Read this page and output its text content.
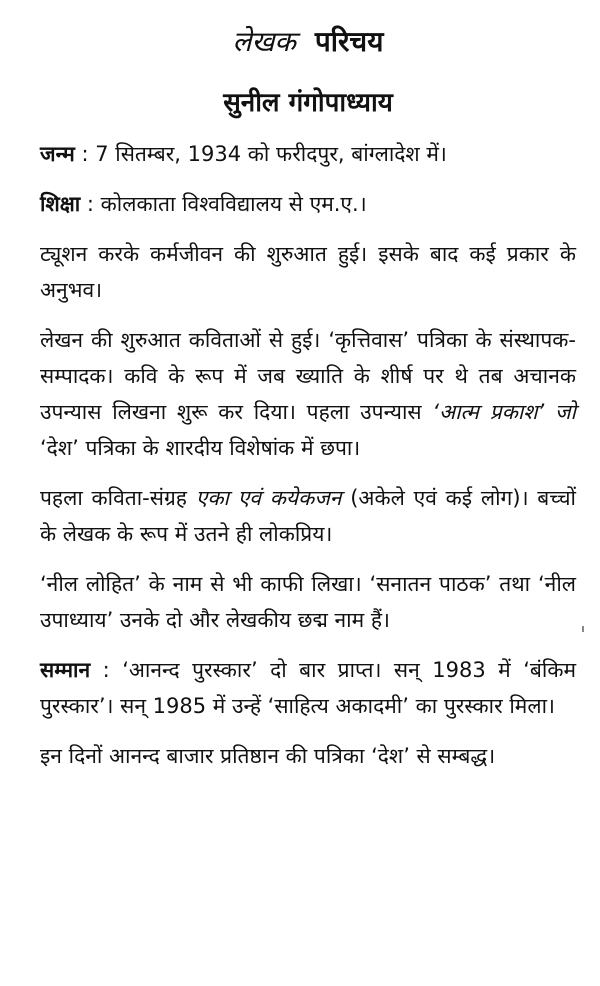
लेखक परिचय
सुनील गंगोपाध्याय

जन्म : 7 सितम्बर, 1934 को फरीदपुर, बांग्लादेश में।

शिक्षा : कोलकाता विश्वविद्यालय से एम.ए.।

ट्यूशन करके कर्मजीवन की शुरुआत हुई। इसके बाद कई प्रकार के अनुभव।

लेखन की शुरुआत कविताओं से हुई। ‘कृत्तिवास’ पत्रिका के संस्थापक-सम्पादक। कवि के रूप में जब ख्याति के शीर्ष पर थे तब अचानक उपन्यास लिखना शुरू कर दिया। पहला उपन्यास ‘आत्म प्रकाश’ जो ‘देश’ पत्रिका के शारदीय विशेषांक में छपा।

पहला कविता-संग्रह एका एवं कयेकजन (अकेले एवं कई लोग)। बच्चों के लेखक के रूप में उतने ही लोकप्रिय।

‘नील लोहित’ के नाम से भी काफी लिखा। ‘सनातन पाठक’ तथा ‘नील उपाध्याय’ उनके दो और लेखकीय छद्म नाम हैं।

सम्मान : ‘आनन्द पुरस्कार’ दो बार प्राप्त। सन् 1983 में ‘बंकिम पुरस्कार’। सन् 1985 में उन्हें ‘साहित्य अकादमी’ का पुरस्कार मिला।

इन दिनों आनन्द बाजार प्रतिष्ठान की पत्रिका ‘देश’ से सम्बद्ध।
